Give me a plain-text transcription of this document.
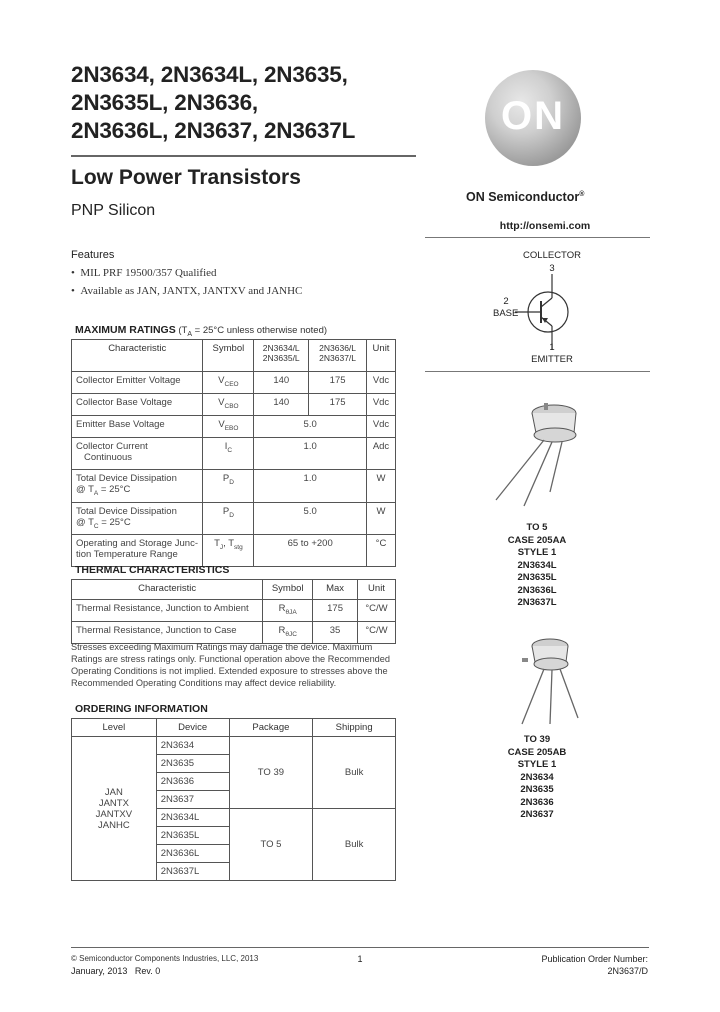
2N3634, 2N3634L, 2N3635,
2N3635L, 2N3636,
2N3636L, 2N3637, 2N3637L
Low Power Transistors
PNP Silicon
Features
•  MIL PRF 19500/357 Qualified
•  Available as JAN, JANTX, JANTXV and JANHC
MAXIMUM RATINGS ($T_A = 25^\circ C$ unless otherwise noted)
Characteristic	Symbol	2N3634/L 2N3635/L	2N3636/L 2N3637/L	Unit
Collector Emitter Voltage	$V_{CEO}$	140	175	Vdc
Collector Base Voltage	$V_{CBO}$	140	175	Vdc
Emitter Base Voltage	$V_{EBO}$	5.0		Vdc

Collector Current
Continuous	$I_C$	1.0		Adc

Total Device Dissipation
@ $T_A = 25^\circ C$	$P_D$	1.0		W

Total Device Dissipation
@ $T_C = 25^\circ C$	$P_D$	5.0		W

Operating and Storage Junc-
tion Temperature Range	$T_J$, $T_{stg}$	65 to +200		°C
THERMAL CHARACTERISTICS
Characteristic	Symbol	Max	Unit
Thermal Resistance, Junction to Ambient	$R_{\theta JA}$	175	°C/W
Thermal Resistance, Junction to Case	$R_{\theta JC}$	35	°C/W
Stresses exceeding Maximum Ratings may damage the device. Maximum Ratings are stress ratings only. Functional operation above the Recommended Operating Conditions is not implied. Extended exposure to stresses above the Recommended Operating Conditions may affect device reliability.
ORDERING INFORMATION
Level	Device	Package	Shipping

JAN
JANTX
JANTXV
JANHC	2N3634	TO 39	Bulk
	2N3635		
	2N3636		
	2N3637		
	2N3634L	TO 5	Bulk
	2N3635L		
	2N3636L		
	2N3637L		
ON
ON Semiconductor®
http://onsemi.com
COLLECTOR
3
2
BASE
1
EMITTER
TO 5
CASE 205AA
STYLE 1
2N3634L
2N3635L
2N3636L
2N3637L
TO 39
CASE 205AB
STYLE 1
2N3634
2N3635
2N3636
2N3637
© Semiconductor Components Industries, LLC, 2013
January, 2013 Rev. 0
1	Publication Order Number:
2N3637/D
